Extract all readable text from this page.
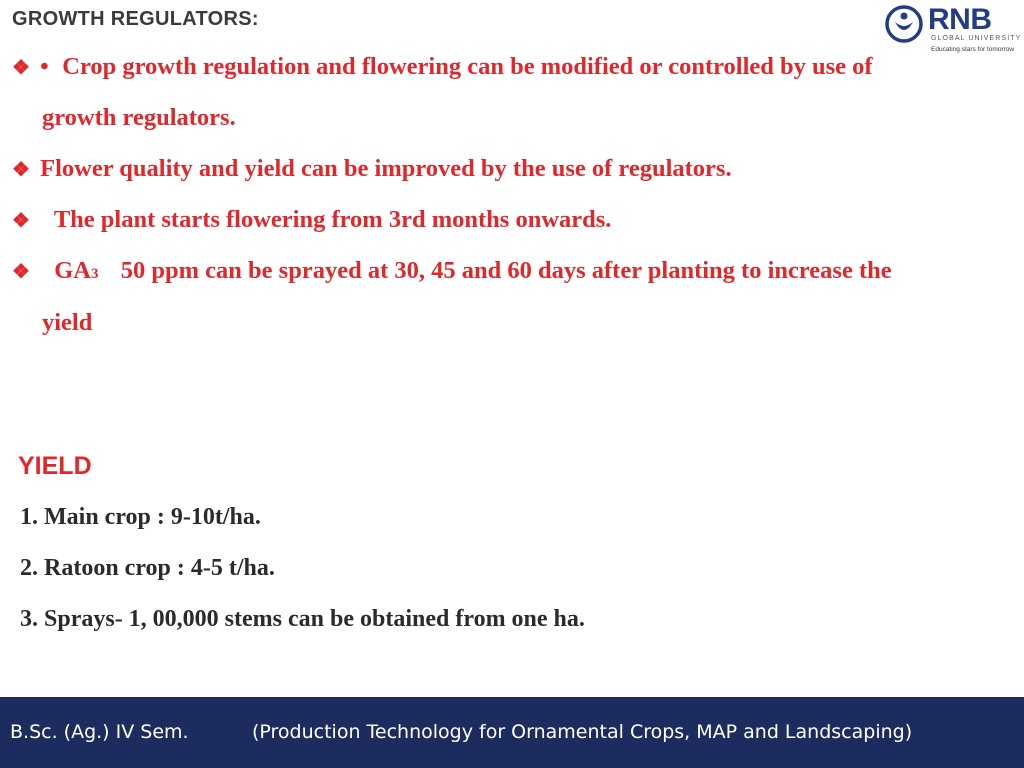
GROWTH REGULATORS:	RNB
GLOBAL UNIVERSITY
Educating stars for tomorrow
❖ • Crop growth regulation and flowering can be modified or controlled by use of
growth regulators.
❖ Flower quality and yield can be improved by the use of regulators.
❖ The plant starts flowering from 3rd months onwards.
❖ GA3 50 ppm can be sprayed at 30, 45 and 60 days after planting to increase the
yield
YIELD
1. Main crop : 9-10t/ha.
2. Ratoon crop : 4-5 t/ha.
3. Sprays- 1, 00,000 stems can be obtained from one ha.
B.Sc. (Ag.) IV Sem.	(Production Technology for Ornamental Crops, MAP and Landscaping)
